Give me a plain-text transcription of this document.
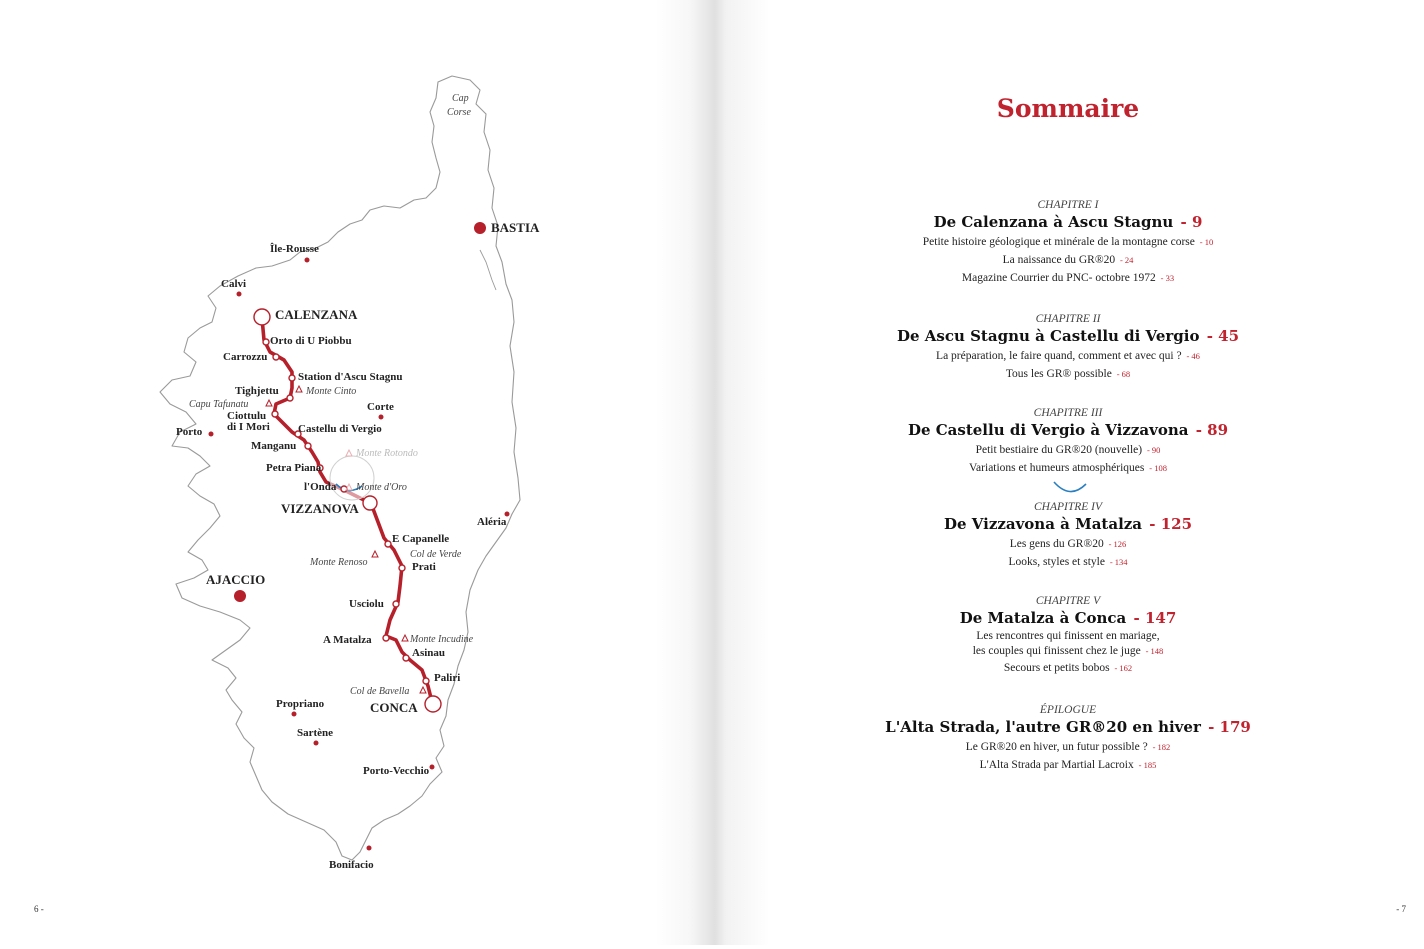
BASTIA
AJACCIO
Cap
Corse
Île-Rousse
Calvi
Porto
Corte
Aléria
Propriano
Sartène
Porto-Vecchio
Bonifacio
CALENZANA
VIZZANOVA
CONCA
Orto di U Piobbu
Carrozzu
Station d'Ascu Stagnu
Tighjettu
Ciottulu
di I Mori	Castellu di Vergio
Manganu
Petra Piana
l'Onda
E Capanelle
Prati
Usciolu
A Matalza
Asinau
Paliri
Monte Cinto
Capu Tafunatu
Monte Rotondo
Monte d'Oro
Col de Verde
Monte Renoso
Monte Incudine
Col de Bavella
6 -
Sommaire
CHAPITRE I
De Calenzana à Ascu Stagnu - 9
Petite histoire géologique et minérale de la montagne corse - 10
La naissance du GR®20 - 24
Magazine Courrier du PNC- octobre 1972 - 33
CHAPITRE II
De Ascu Stagnu à Castellu di Vergio - 45
La préparation, le faire quand, comment et avec qui ? - 46
Tous les GR® possible - 68
CHAPITRE III
De Castellu di Vergio à Vizzavona - 89
Petit bestiaire du GR®20 (nouvelle) - 90
Variations et humeurs atmosphériques - 108
CHAPITRE IV
De Vizzavona à Matalza - 125
Les gens du GR®20 - 126
Looks, styles et style - 134
CHAPITRE V
De Matalza à Conca - 147
Les rencontres qui finissent en mariage,
les couples qui finissent chez le juge - 148
Secours et petits bobos - 162
ÉPILOGUE
L'Alta Strada, l'autre GR®20 en hiver - 179
Le GR®20 en hiver, un futur possible ? - 182
L'Alta Strada par Martial Lacroix - 185
- 7
